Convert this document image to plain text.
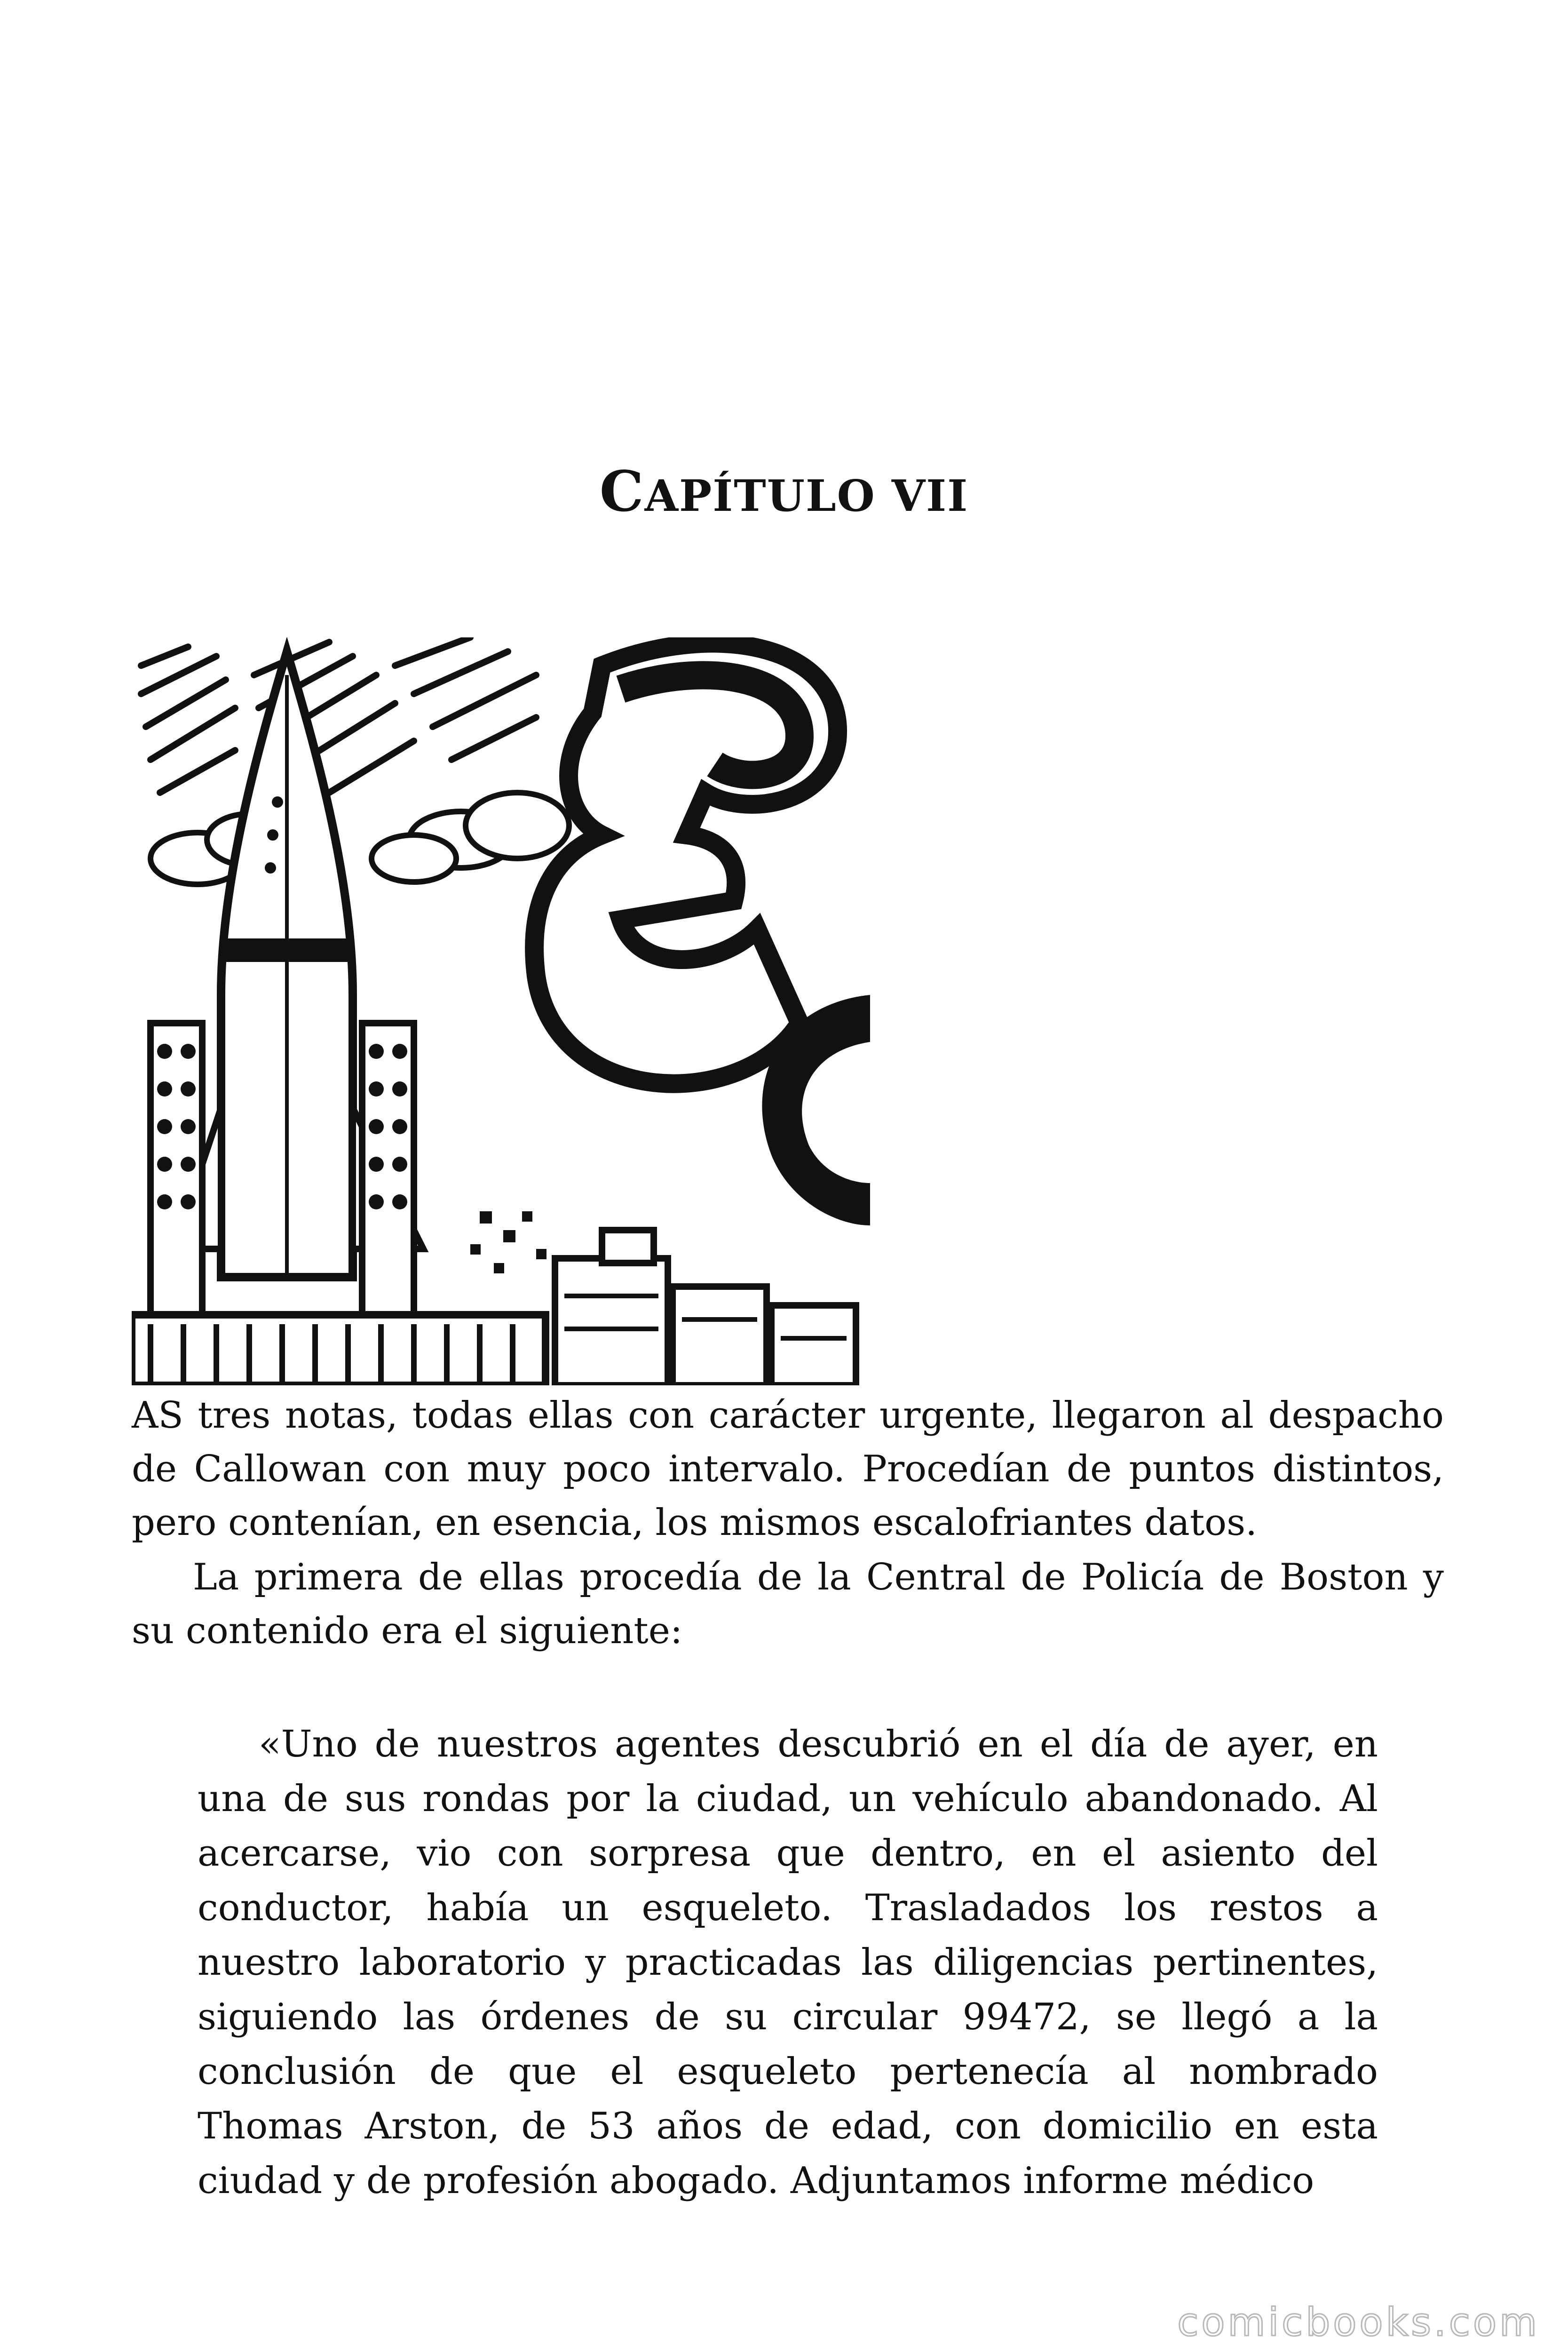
CAPÍTULO VII

AS tres notas, todas ellas con carácter urgente, llegaron al despacho de Callowan con muy poco intervalo. Procedían de puntos distintos, pero contenían, en esencia, los mismos escalofriantes datos.

La primera de ellas procedía de la Central de Policía de Boston y su contenido era el siguiente:

«Uno de nuestros agentes descubrió en el día de ayer, en una de sus rondas por la ciudad, un vehículo abandonado. Al acercarse, vio con sorpresa que dentro, en el asiento del conductor, había un esqueleto. Trasladados los restos a nuestro laboratorio y practicadas las diligencias pertinentes, siguiendo las órdenes de su circular 99472, se llegó a la conclusión de que el esqueleto pertenecía al nombrado Thomas Arston, de 53 años de edad, con domicilio en esta ciudad y de profesión abogado. Adjuntamos informe médico

comicbooks.com
